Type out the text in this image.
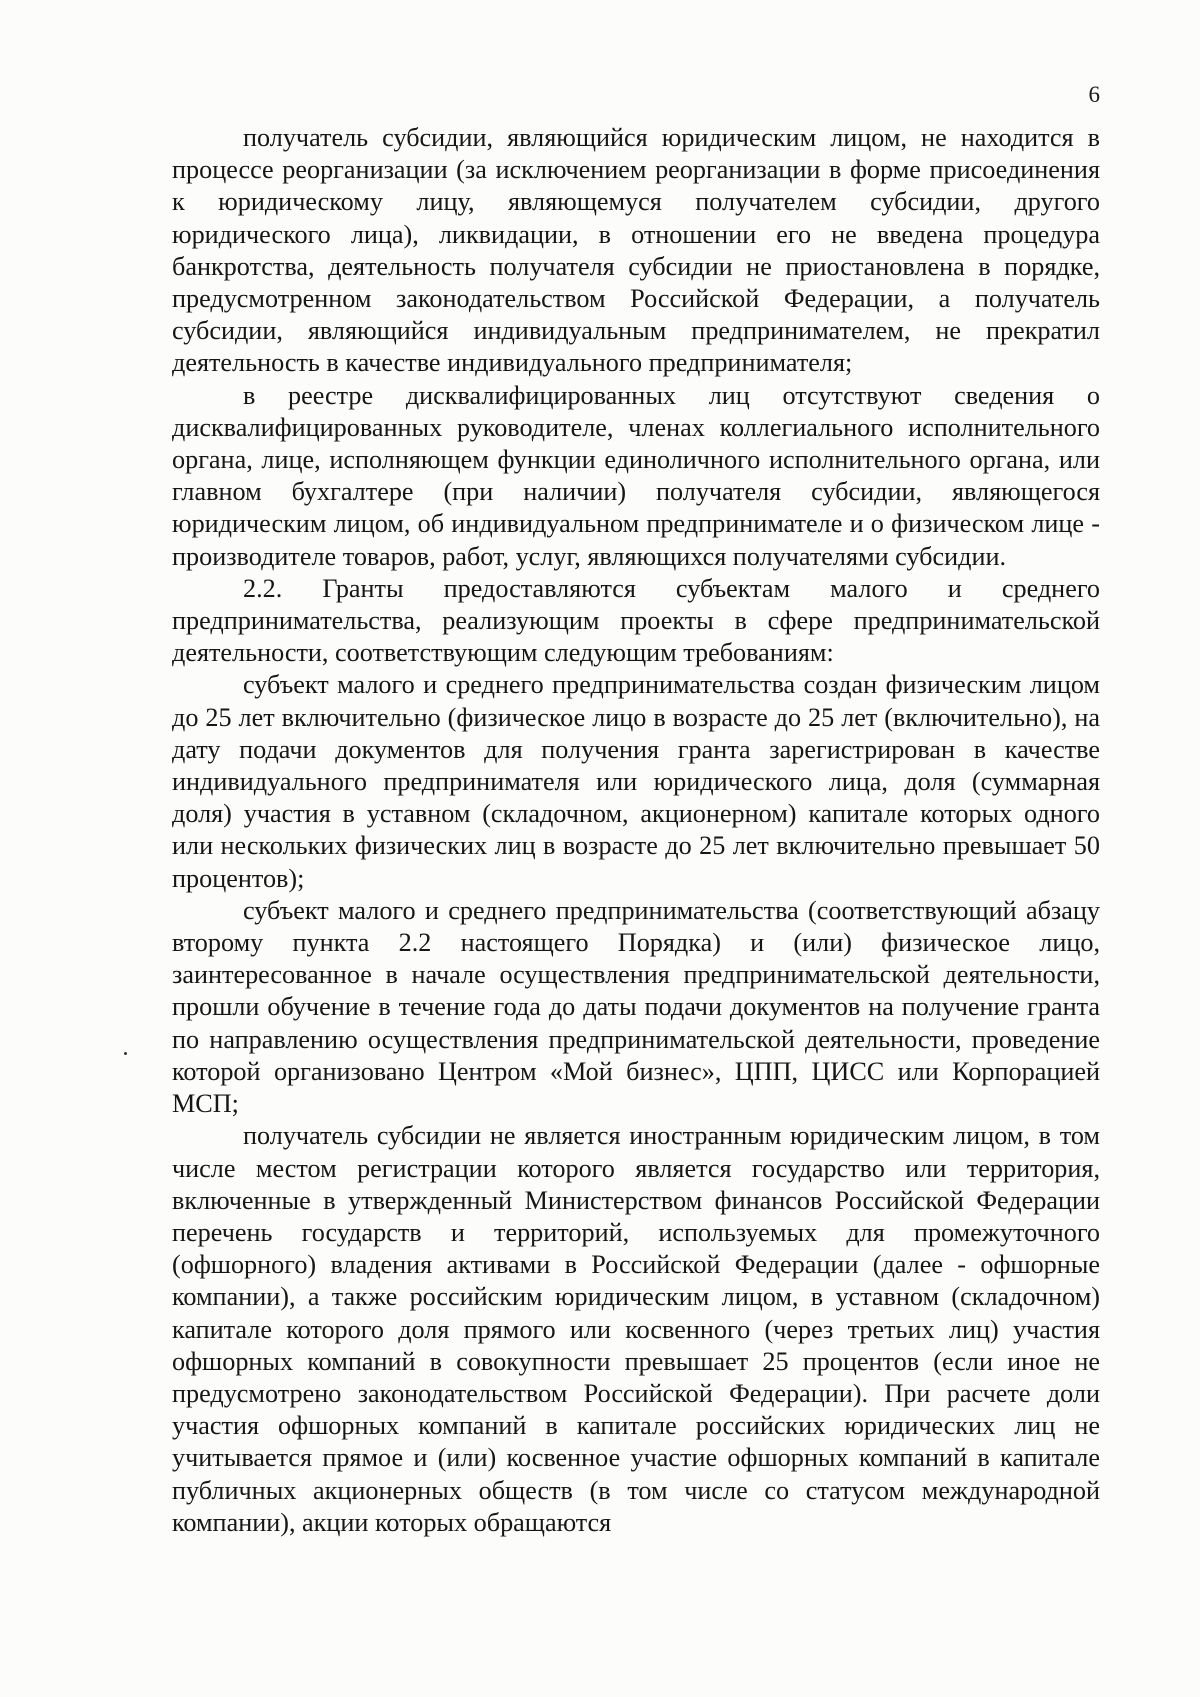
6

получатель субсидии, являющийся юридическим лицом, не находится в процессе реорганизации (за исключением реорганизации в форме присоединения к юридическому лицу, являющемуся получателем субсидии, другого юридического лица), ликвидации, в отношении его не введена процедура банкротства, деятельность получателя субсидии не приостановлена в порядке, предусмотренном законодательством Российской Федерации, а получатель субсидии, являющийся индивидуальным предпринимателем, не прекратил деятельность в качестве индивидуального предпринимателя;

в реестре дисквалифицированных лиц отсутствуют сведения о дисквалифицированных руководителе, членах коллегиального исполнительного органа, лице, исполняющем функции единоличного исполнительного органа, или главном бухгалтере (при наличии) получателя субсидии, являющегося юридическим лицом, об индивидуальном предпринимателе и о физическом лице - производителе товаров, работ, услуг, являющихся получателями субсидии.

2.2. Гранты предоставляются субъектам малого и среднего предпринимательства, реализующим проекты в сфере предпринимательской деятельности, соответствующим следующим требованиям:

субъект малого и среднего предпринимательства создан физическим лицом до 25 лет включительно (физическое лицо в возрасте до 25 лет (включительно), на дату подачи документов для получения гранта зарегистрирован в качестве индивидуального предпринимателя или юридического лица, доля (суммарная доля) участия в уставном (складочном, акционерном) капитале которых одного или нескольких физических лиц в возрасте до 25 лет включительно превышает 50 процентов);

субъект малого и среднего предпринимательства (соответствующий абзацу второму пункта 2.2 настоящего Порядка) и (или) физическое лицо, заинтересованное в начале осуществления предпринимательской деятельности, прошли обучение в течение года до даты подачи документов на получение гранта по направлению осуществления предпринимательской деятельности, проведение которой организовано Центром «Мой бизнес», ЦПП, ЦИСС или Корпорацией МСП;

получатель субсидии не является иностранным юридическим лицом, в том числе местом регистрации которого является государство или территория, включенные в утвержденный Министерством финансов Российской Федерации перечень государств и территорий, используемых для промежуточного (офшорного) владения активами в Российской Федерации (далее - офшорные компании), а также российским юридическим лицом, в уставном (складочном) капитале которого доля прямого или косвенного (через третьих лиц) участия офшорных компаний в совокупности превышает 25 процентов (если иное не предусмотрено законодательством Российской Федерации). При расчете доли участия офшорных компаний в капитале российских юридических лиц не учитывается прямое и (или) косвенное участие офшорных компаний в капитале публичных акционерных обществ (в том числе со статусом международной компании), акции которых обращаются
